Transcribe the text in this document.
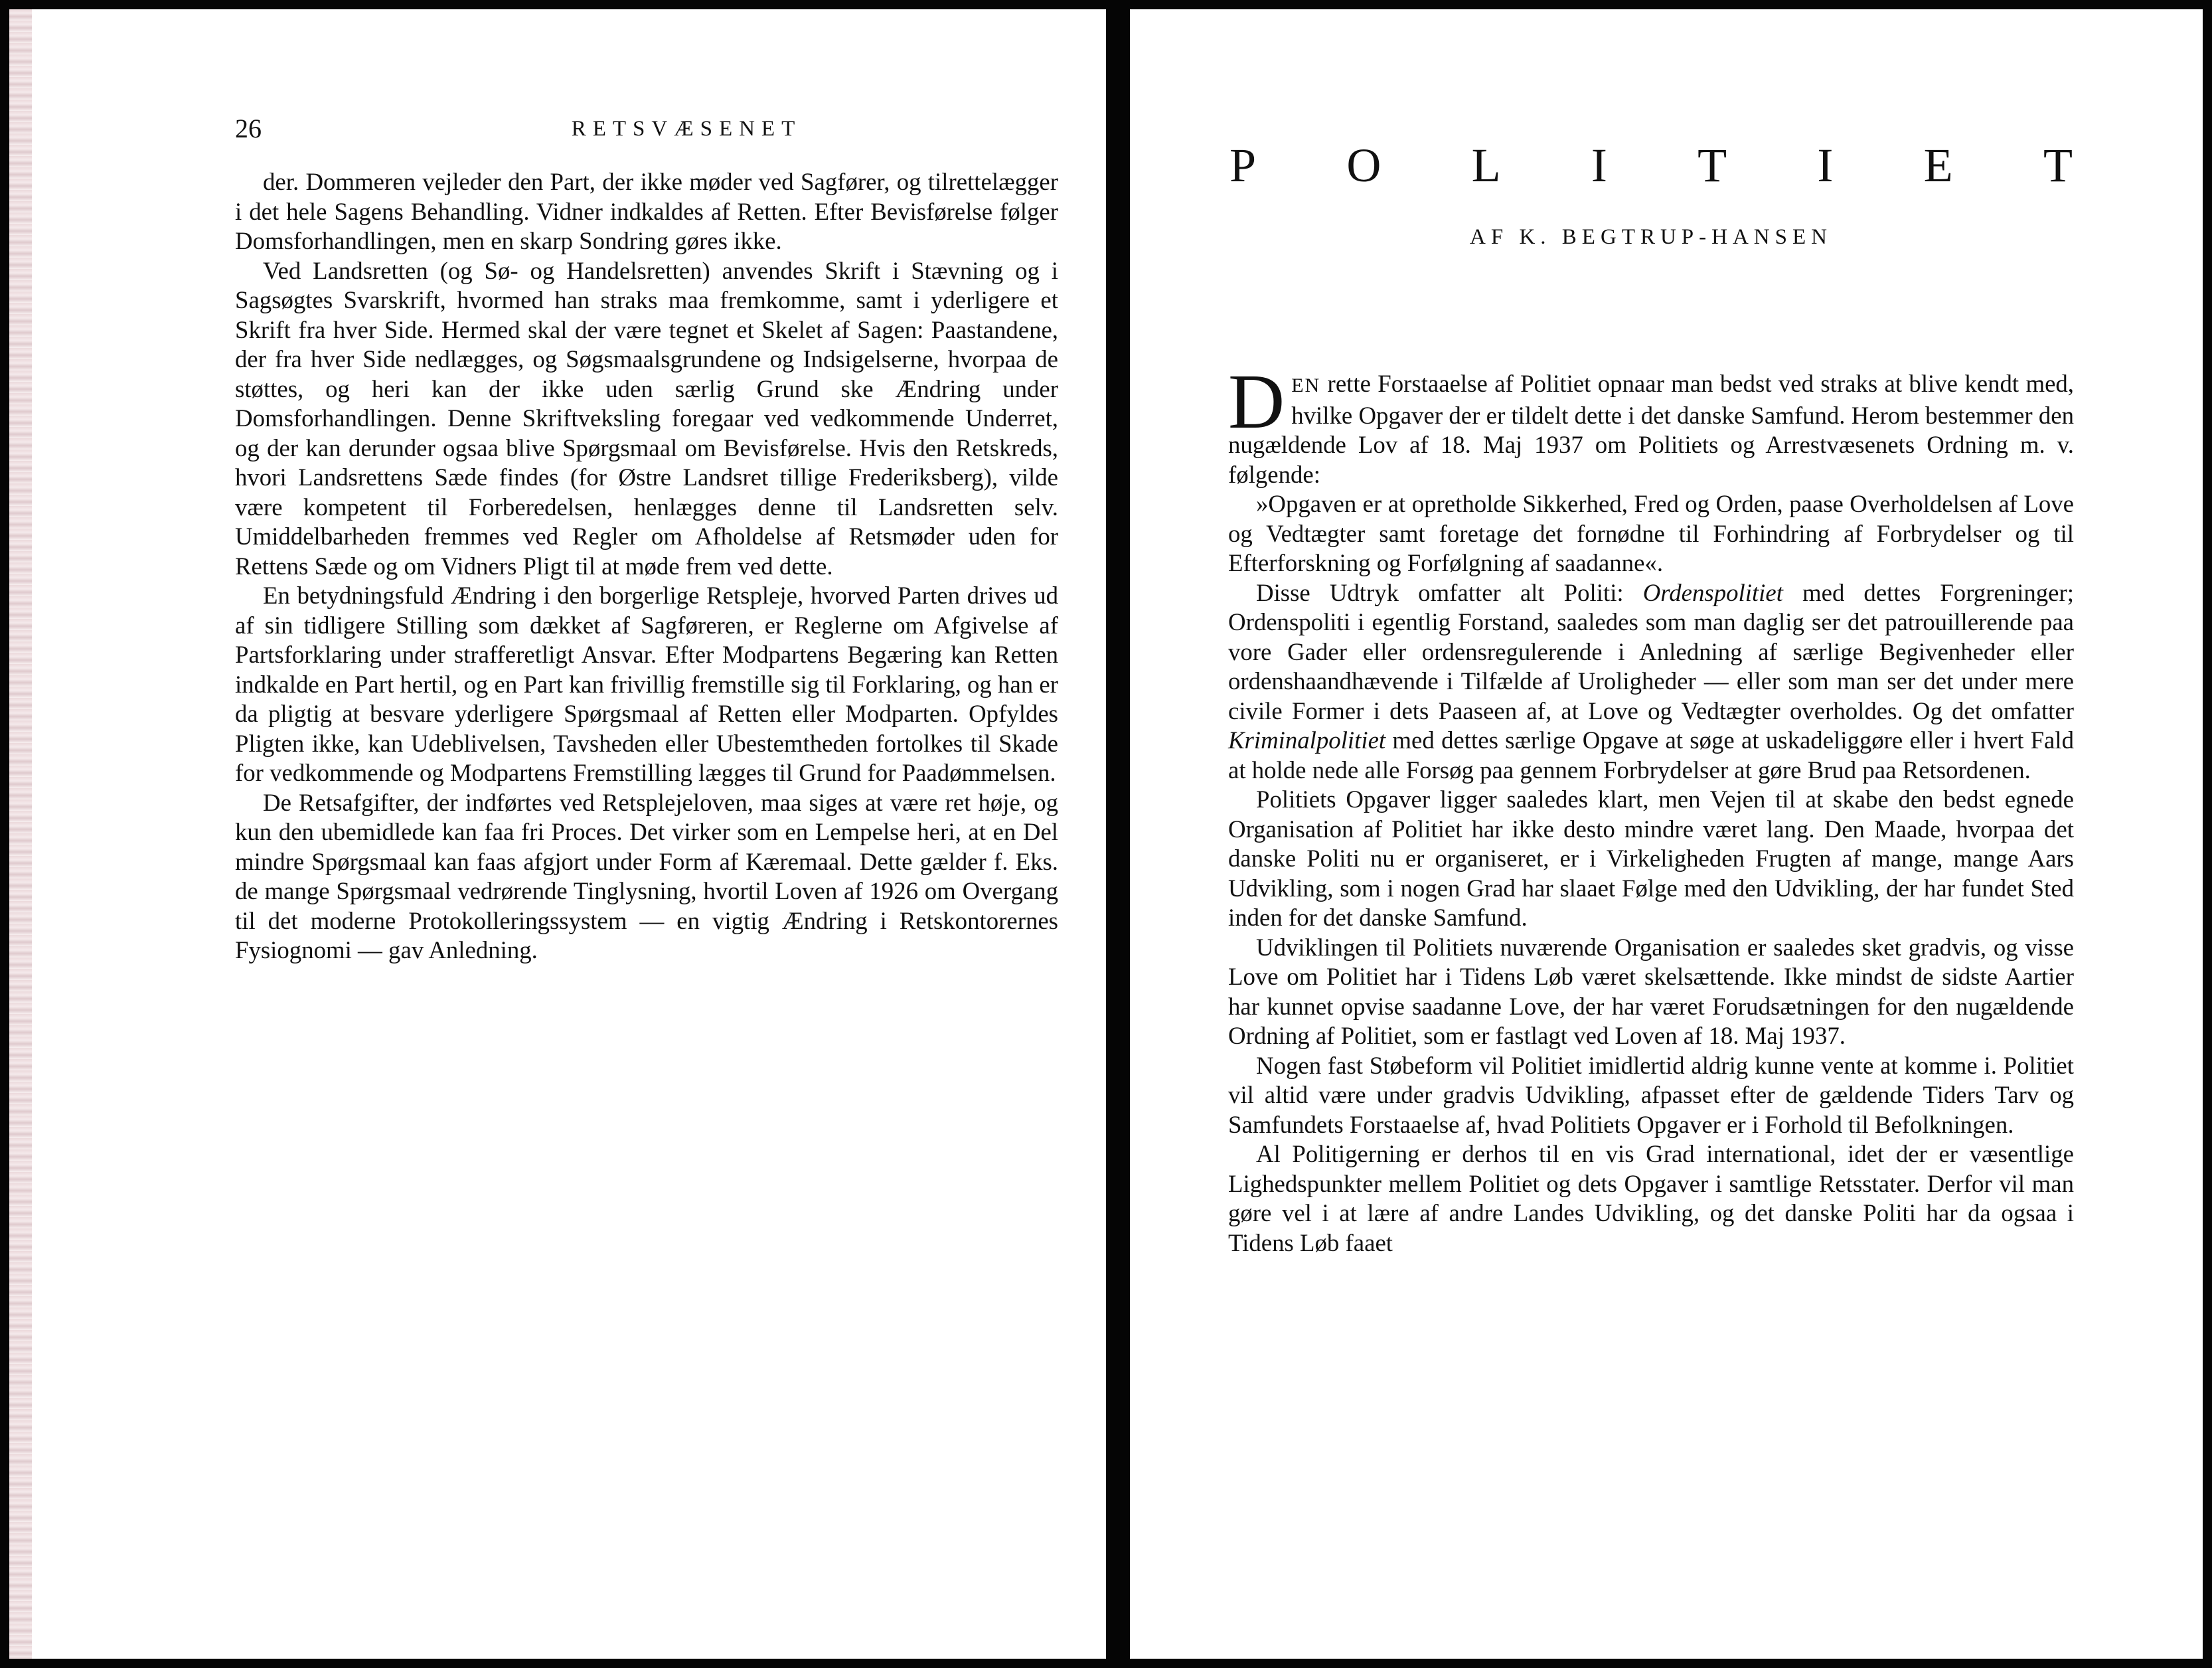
26	RETSVÆSENET

der. Dommeren vejleder den Part, der ikke møder ved Sagfører, og tilrettelægger i det hele Sagens Behandling. Vidner indkaldes af Retten. Efter Bevisførelse følger Domsforhandlingen, men en skarp Sondring gøres ikke.

Ved Landsretten (og Sø- og Handelsretten) anvendes Skrift i Stævning og i Sagsøgtes Svarskrift, hvormed han straks maa fremkomme, samt i yderligere et Skrift fra hver Side. Hermed skal der være tegnet et Skelet af Sagen: Paastandene, der fra hver Side nedlægges, og Søgsmaalsgrundene og Indsigelserne, hvorpaa de støttes, og heri kan der ikke uden særlig Grund ske Ændring under Domsforhandlingen. Denne Skriftveksling foregaar ved vedkommende Underret, og der kan derunder ogsaa blive Spørgsmaal om Bevisførelse. Hvis den Retskreds, hvori Landsrettens Sæde findes (for Østre Landsret tillige Frederiksberg), vilde være kompetent til Forberedelsen, henlægges denne til Landsretten selv. Umiddelbarheden fremmes ved Regler om Afholdelse af Retsmøder uden for Rettens Sæde og om Vidners Pligt til at møde frem ved dette.

En betydningsfuld Ændring i den borgerlige Retspleje, hvorved Parten drives ud af sin tidligere Stilling som dækket af Sagføreren, er Reglerne om Afgivelse af Partsforklaring under strafferetligt Ansvar. Efter Modpartens Begæring kan Retten indkalde en Part hertil, og en Part kan frivillig fremstille sig til Forklaring, og han er da pligtig at besvare yderligere Spørgsmaal af Retten eller Modparten. Opfyldes Pligten ikke, kan Udeblivelsen, Tavsheden eller Ubestemtheden fortolkes til Skade for vedkommende og Modpartens Fremstilling lægges til Grund for Paadømmelsen.

De Retsafgifter, der indførtes ved Retsplejeloven, maa siges at være ret høje, og kun den ubemidlede kan faa fri Proces. Det virker som en Lempelse heri, at en Del mindre Spørgsmaal kan faas afgjort under Form af Kæremaal. Dette gælder f. Eks. de mange Spørgsmaal vedrørende Tinglysning, hvortil Loven af 1926 om Overgang til det moderne Protokolleringssystem — en vigtig Ændring i Retskontorernes Fysiognomi — gav Anledning.

P O L I T I E T
AF K. BEGTRUP-HANSEN

DEN rette Forstaaelse af Politiet opnaar man bedst ved straks at blive kendt med, hvilke Opgaver der er tildelt dette i det danske Samfund. Herom bestemmer den nugældende Lov af 18. Maj 1937 om Politiets og Arrestvæsenets Ordning m. v. følgende:

»Opgaven er at opretholde Sikkerhed, Fred og Orden, paase Overholdelsen af Love og Vedtægter samt foretage det fornødne til Forhindring af Forbrydelser og til Efterforskning og Forfølgning af saadanne«.

Disse Udtryk omfatter alt Politi: Ordenspolitiet med dettes Forgreninger; Ordenspoliti i egentlig Forstand, saaledes som man daglig ser det patrouillerende paa vore Gader eller ordensregulerende i Anledning af særlige Begivenheder eller ordenshaandhævende i Tilfælde af Uroligheder — eller som man ser det under mere civile Former i dets Paaseen af, at Love og Vedtægter overholdes. Og det omfatter Kriminalpolitiet med dettes særlige Opgave at søge at uskadeliggøre eller i hvert Fald at holde nede alle Forsøg paa gennem Forbrydelser at gøre Brud paa Retsordenen.

Politiets Opgaver ligger saaledes klart, men Vejen til at skabe den bedst egnede Organisation af Politiet har ikke desto mindre været lang. Den Maade, hvorpaa det danske Politi nu er organiseret, er i Virkeligheden Frugten af mange, mange Aars Udvikling, som i nogen Grad har slaaet Følge med den Udvikling, der har fundet Sted inden for det danske Samfund.

Udviklingen til Politiets nuværende Organisation er saaledes sket gradvis, og visse Love om Politiet har i Tidens Løb været skelsættende. Ikke mindst de sidste Aartier har kunnet opvise saadanne Love, der har været Forudsætningen for den nugældende Ordning af Politiet, som er fastlagt ved Loven af 18. Maj 1937.

Nogen fast Støbeform vil Politiet imidlertid aldrig kunne vente at komme i. Politiet vil altid være under gradvis Udvikling, afpasset efter de gældende Tiders Tarv og Samfundets Forstaaelse af, hvad Politiets Opgaver er i Forhold til Befolkningen.

Al Politigerning er derhos til en vis Grad international, idet der er væsentlige Lighedspunkter mellem Politiet og dets Opgaver i samtlige Retsstater. Derfor vil man gøre vel i at lære af andre Landes Udvikling, og det danske Politi har da ogsaa i Tidens Løb faaet
